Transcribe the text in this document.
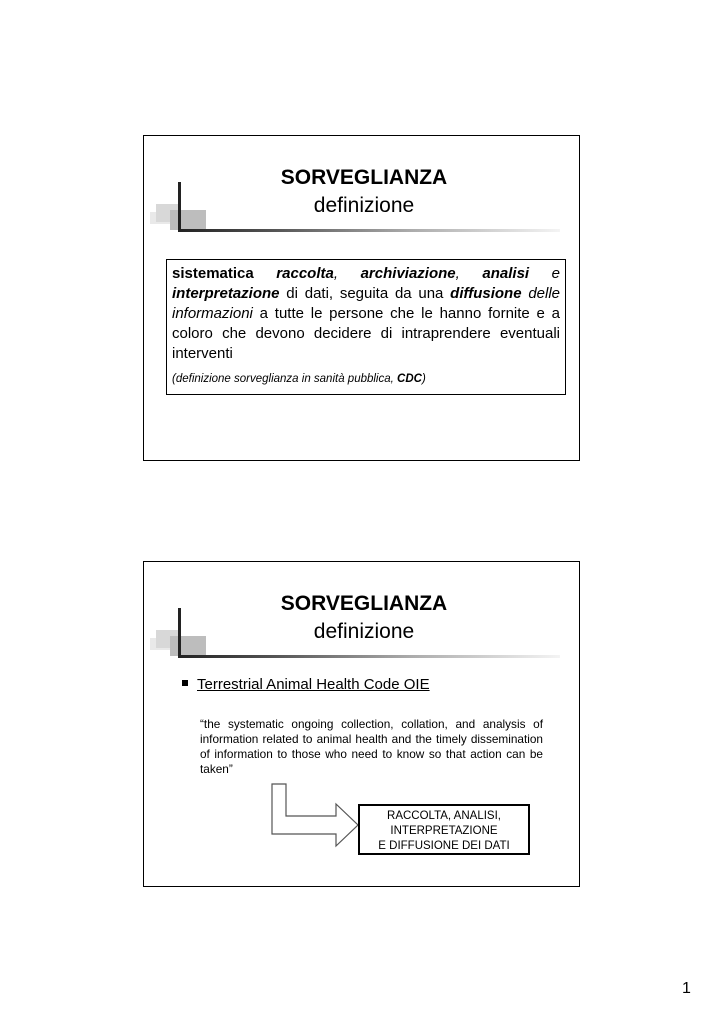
SORVEGLIANZA
definizione
sistematica raccolta, archiviazione, analisi e interpretazione di dati, seguita da una diffusione delle informazioni a tutte le persone che le hanno fornite e a coloro che devono decidere di intraprendere eventuali interventi
(definizione sorveglianza in sanità pubblica, CDC)
SORVEGLIANZA
definizione
Terrestrial Animal Health Code OIE
“the systematic ongoing collection, collation, and analysis of information related to animal health and the timely dissemination of information to those who need to know so that action can be taken”
RACCOLTA, ANALISI,
INTERPRETAZIONE
E DIFFUSIONE DEI DATI
1
